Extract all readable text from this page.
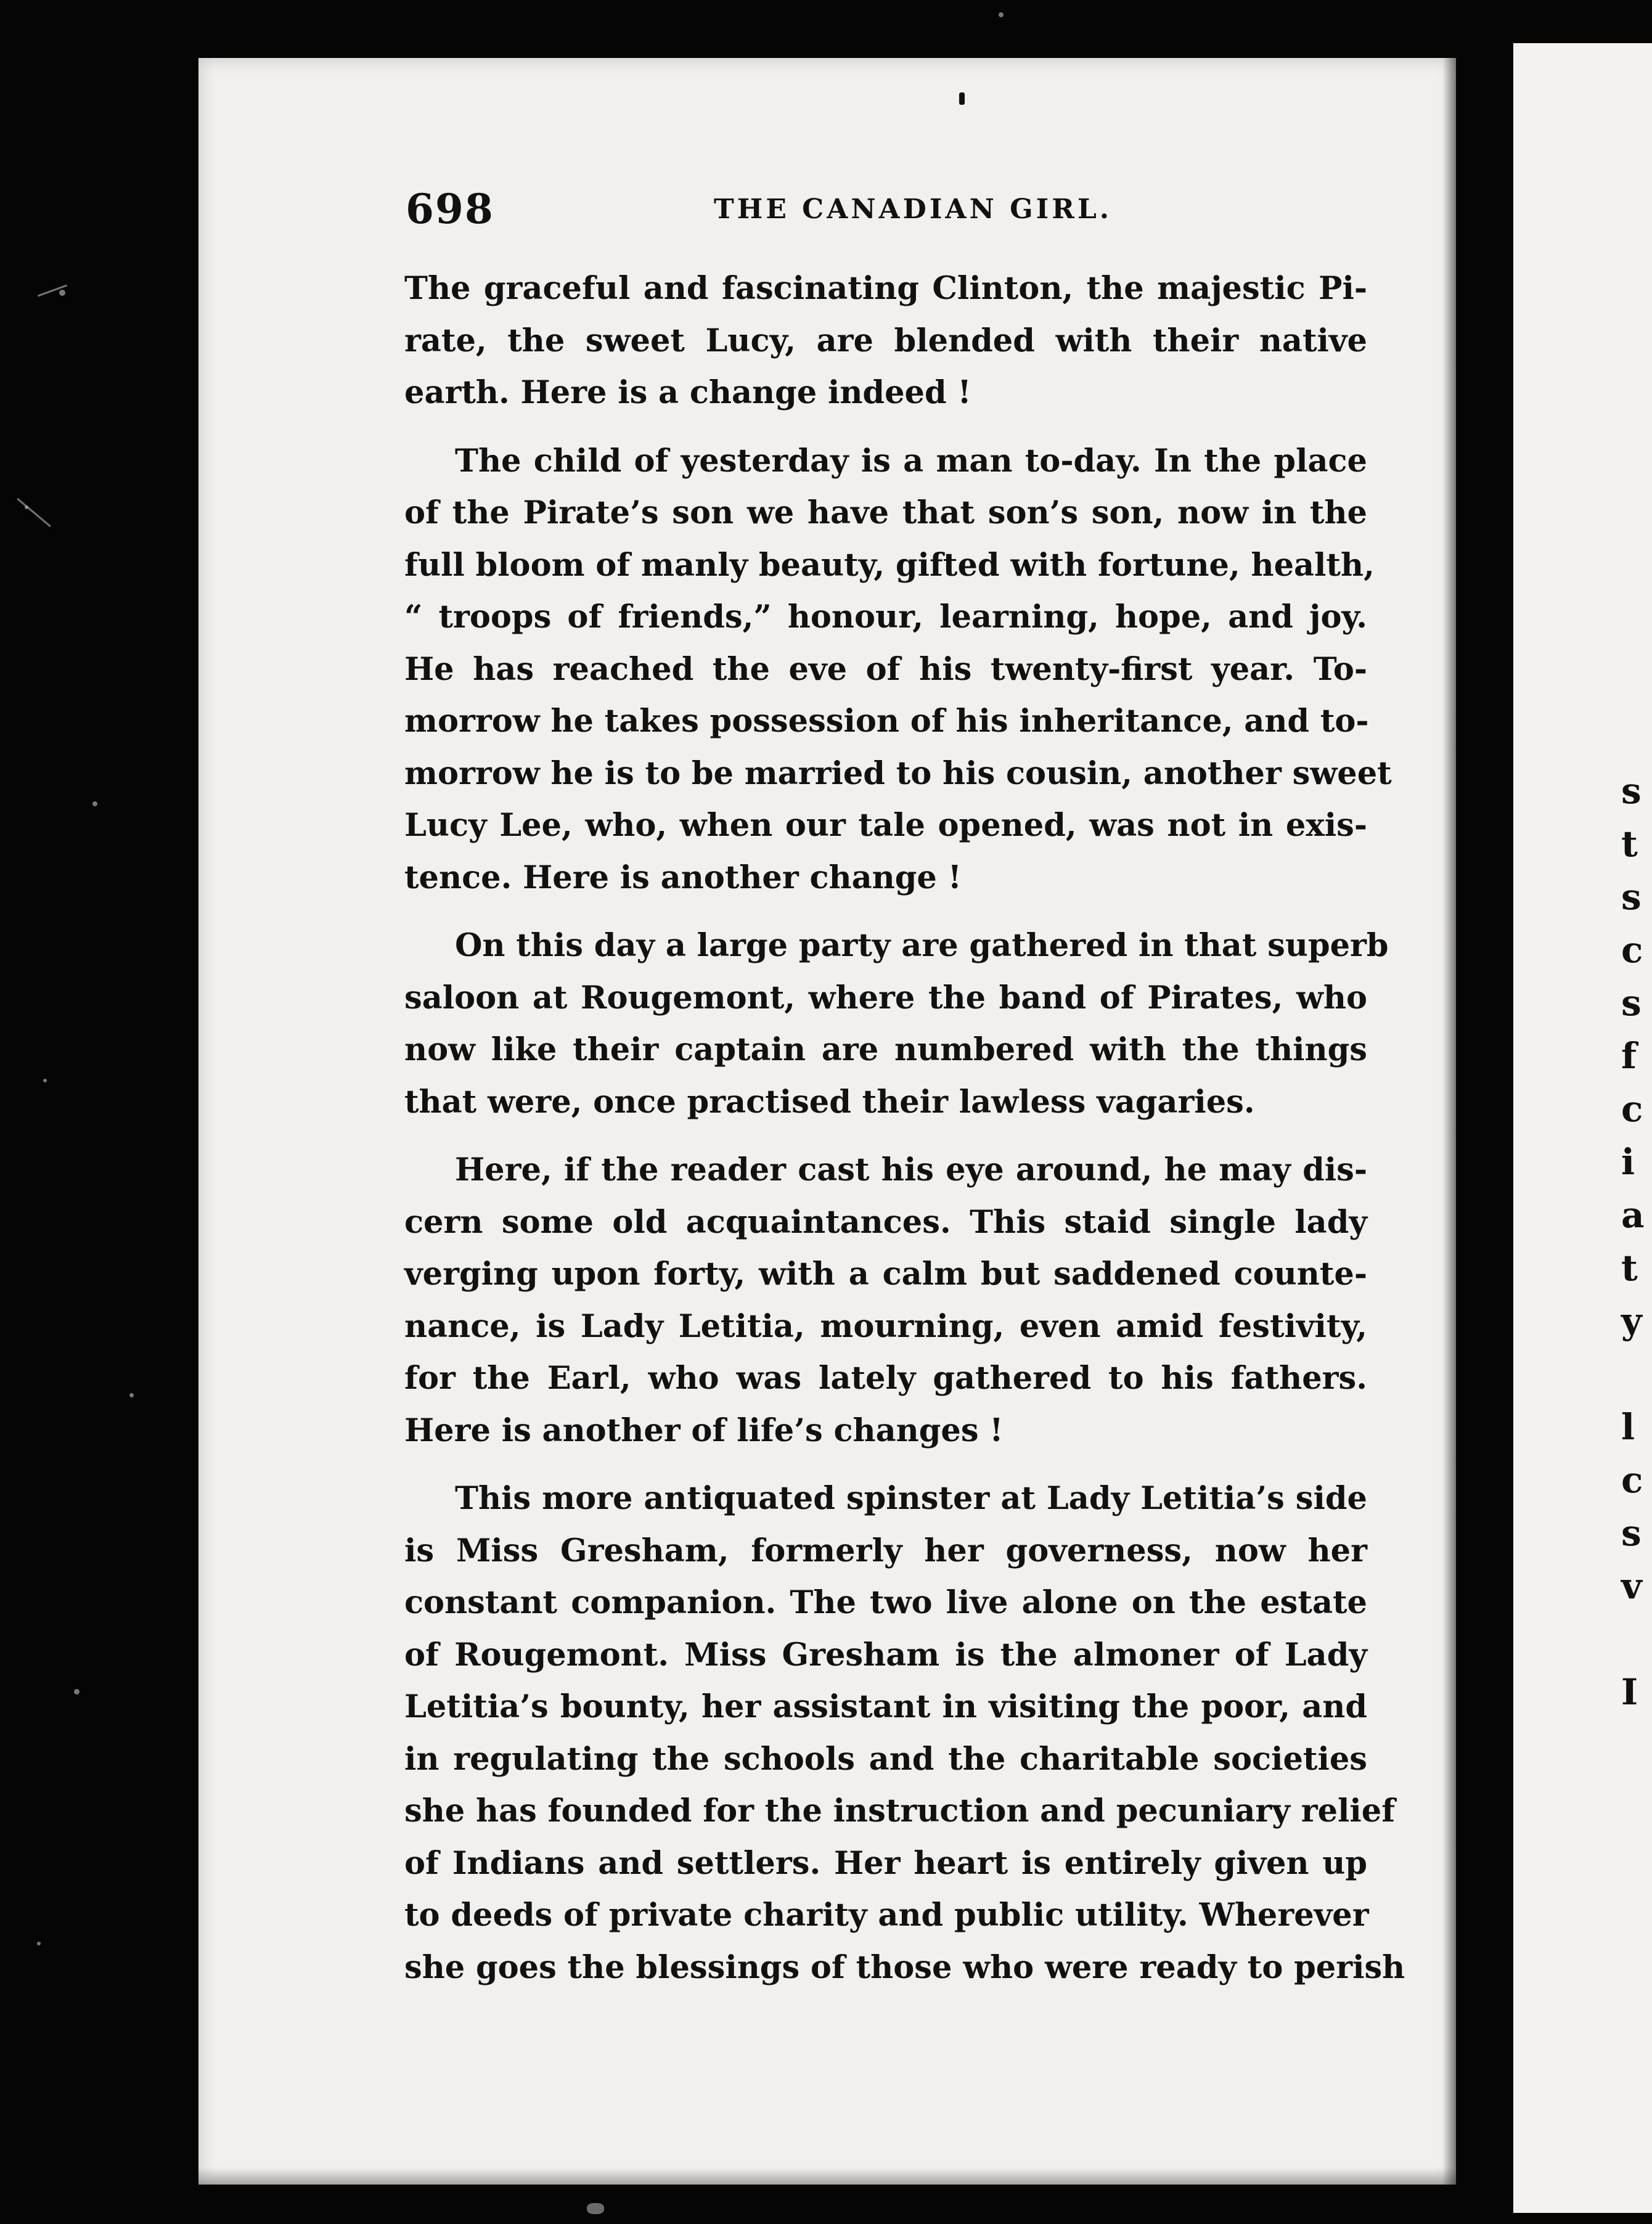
s
t
s
c
s
f
c
i
a
t
y
l
c
s
v
I
698	THE CANADIAN GIRL.
The graceful and fascinating Clinton, the majestic Pi-
rate, the sweet Lucy, are blended with their native
earth. Here is a change indeed !
The child of yesterday is a man to-day. In the place
of the Pirate’s son we have that son’s son, now in the
full bloom of manly beauty, gifted with fortune, health,
“ troops of friends,” honour, learning, hope, and joy.
He has reached the eve of his twenty-first year. To-
morrow he takes possession of his inheritance, and to-
morrow he is to be married to his cousin, another sweet
Lucy Lee, who, when our tale opened, was not in exis-
tence. Here is another change !
On this day a large party are gathered in that superb
saloon at Rougemont, where the band of Pirates, who
now like their captain are numbered with the things
that were, once practised their lawless vagaries.
Here, if the reader cast his eye around, he may dis-
cern some old acquaintances. This staid single lady
verging upon forty, with a calm but saddened counte-
nance, is Lady Letitia, mourning, even amid festivity,
for the Earl, who was lately gathered to his fathers.
Here is another of life’s changes !
This more antiquated spinster at Lady Letitia’s side
is Miss Gresham, formerly her governess, now her
constant companion. The two live alone on the estate
of Rougemont. Miss Gresham is the almoner of Lady
Letitia’s bounty, her assistant in visiting the poor, and
in regulating the schools and the charitable societies
she has founded for the instruction and pecuniary relief
of Indians and settlers. Her heart is entirely given up
to deeds of private charity and public utility. Wherever
she goes the blessings of those who were ready to perish
